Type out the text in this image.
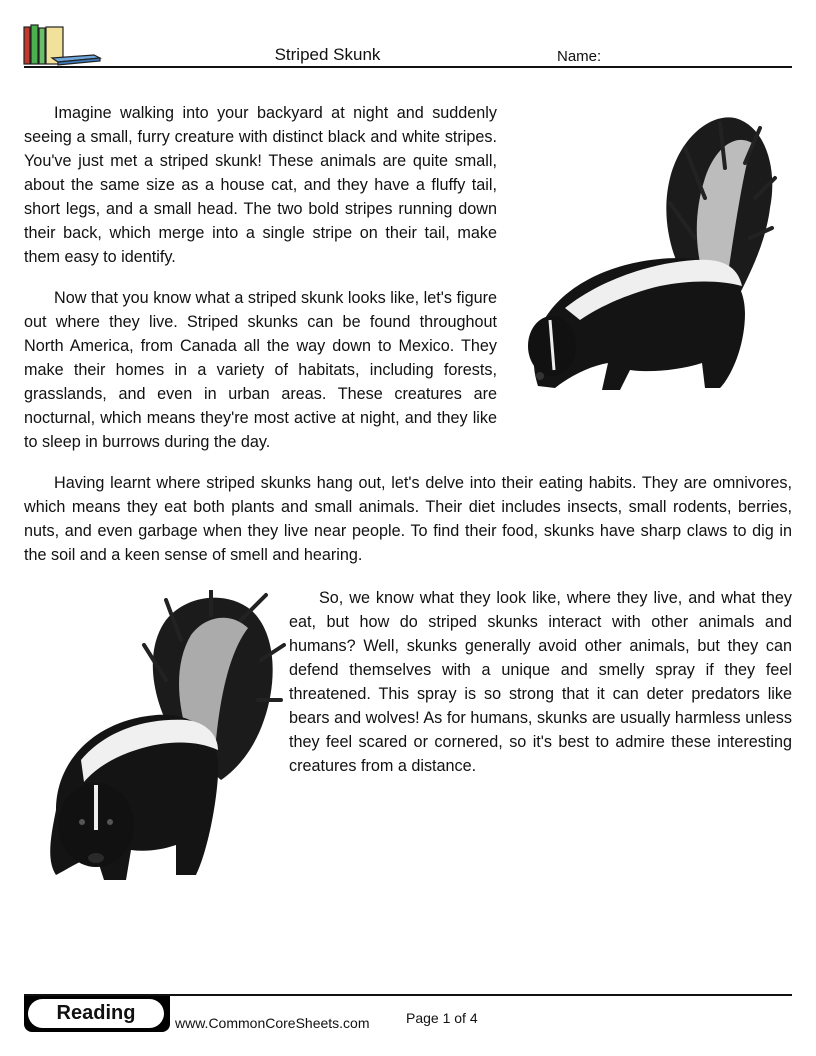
Striped Skunk	Name:

Imagine walking into your backyard at night and suddenly seeing a small, furry creature with distinct black and white stripes. You've just met a striped skunk! These animals are quite small, about the same size as a house cat, and they have a fluffy tail, short legs, and a small head. The two bold stripes running down their back, which merge into a single stripe on their tail, make them easy to identify.

Now that you know what a striped skunk looks like, let's figure out where they live. Striped skunks can be found throughout North America, from Canada all the way down to Mexico. They make their homes in a variety of habitats, including forests, grasslands, and even in urban areas. These creatures are nocturnal, which means they're most active at night, and they like to sleep in burrows during the day.

Having learnt where striped skunks hang out, let's delve into their eating habits. They are omnivores, which means they eat both plants and small animals. Their diet includes insects, small rodents, berries, nuts, and even garbage when they live near people. To find their food, skunks have sharp claws to dig in the soil and a keen sense of smell and hearing.

So, we know what they look like, where they live, and what they eat, but how do striped skunks interact with other animals and humans? Well, skunks generally avoid other animals, but they can defend themselves with a unique and smelly spray if they feel threatened. This spray is so strong that it can deter predators like bears and wolves! As for humans, skunks are usually harmless unless they feel scared or cornered, so it's best to admire these interesting creatures from a distance.

Reading	www.CommonCoreSheets.com	Page 1 of 4
